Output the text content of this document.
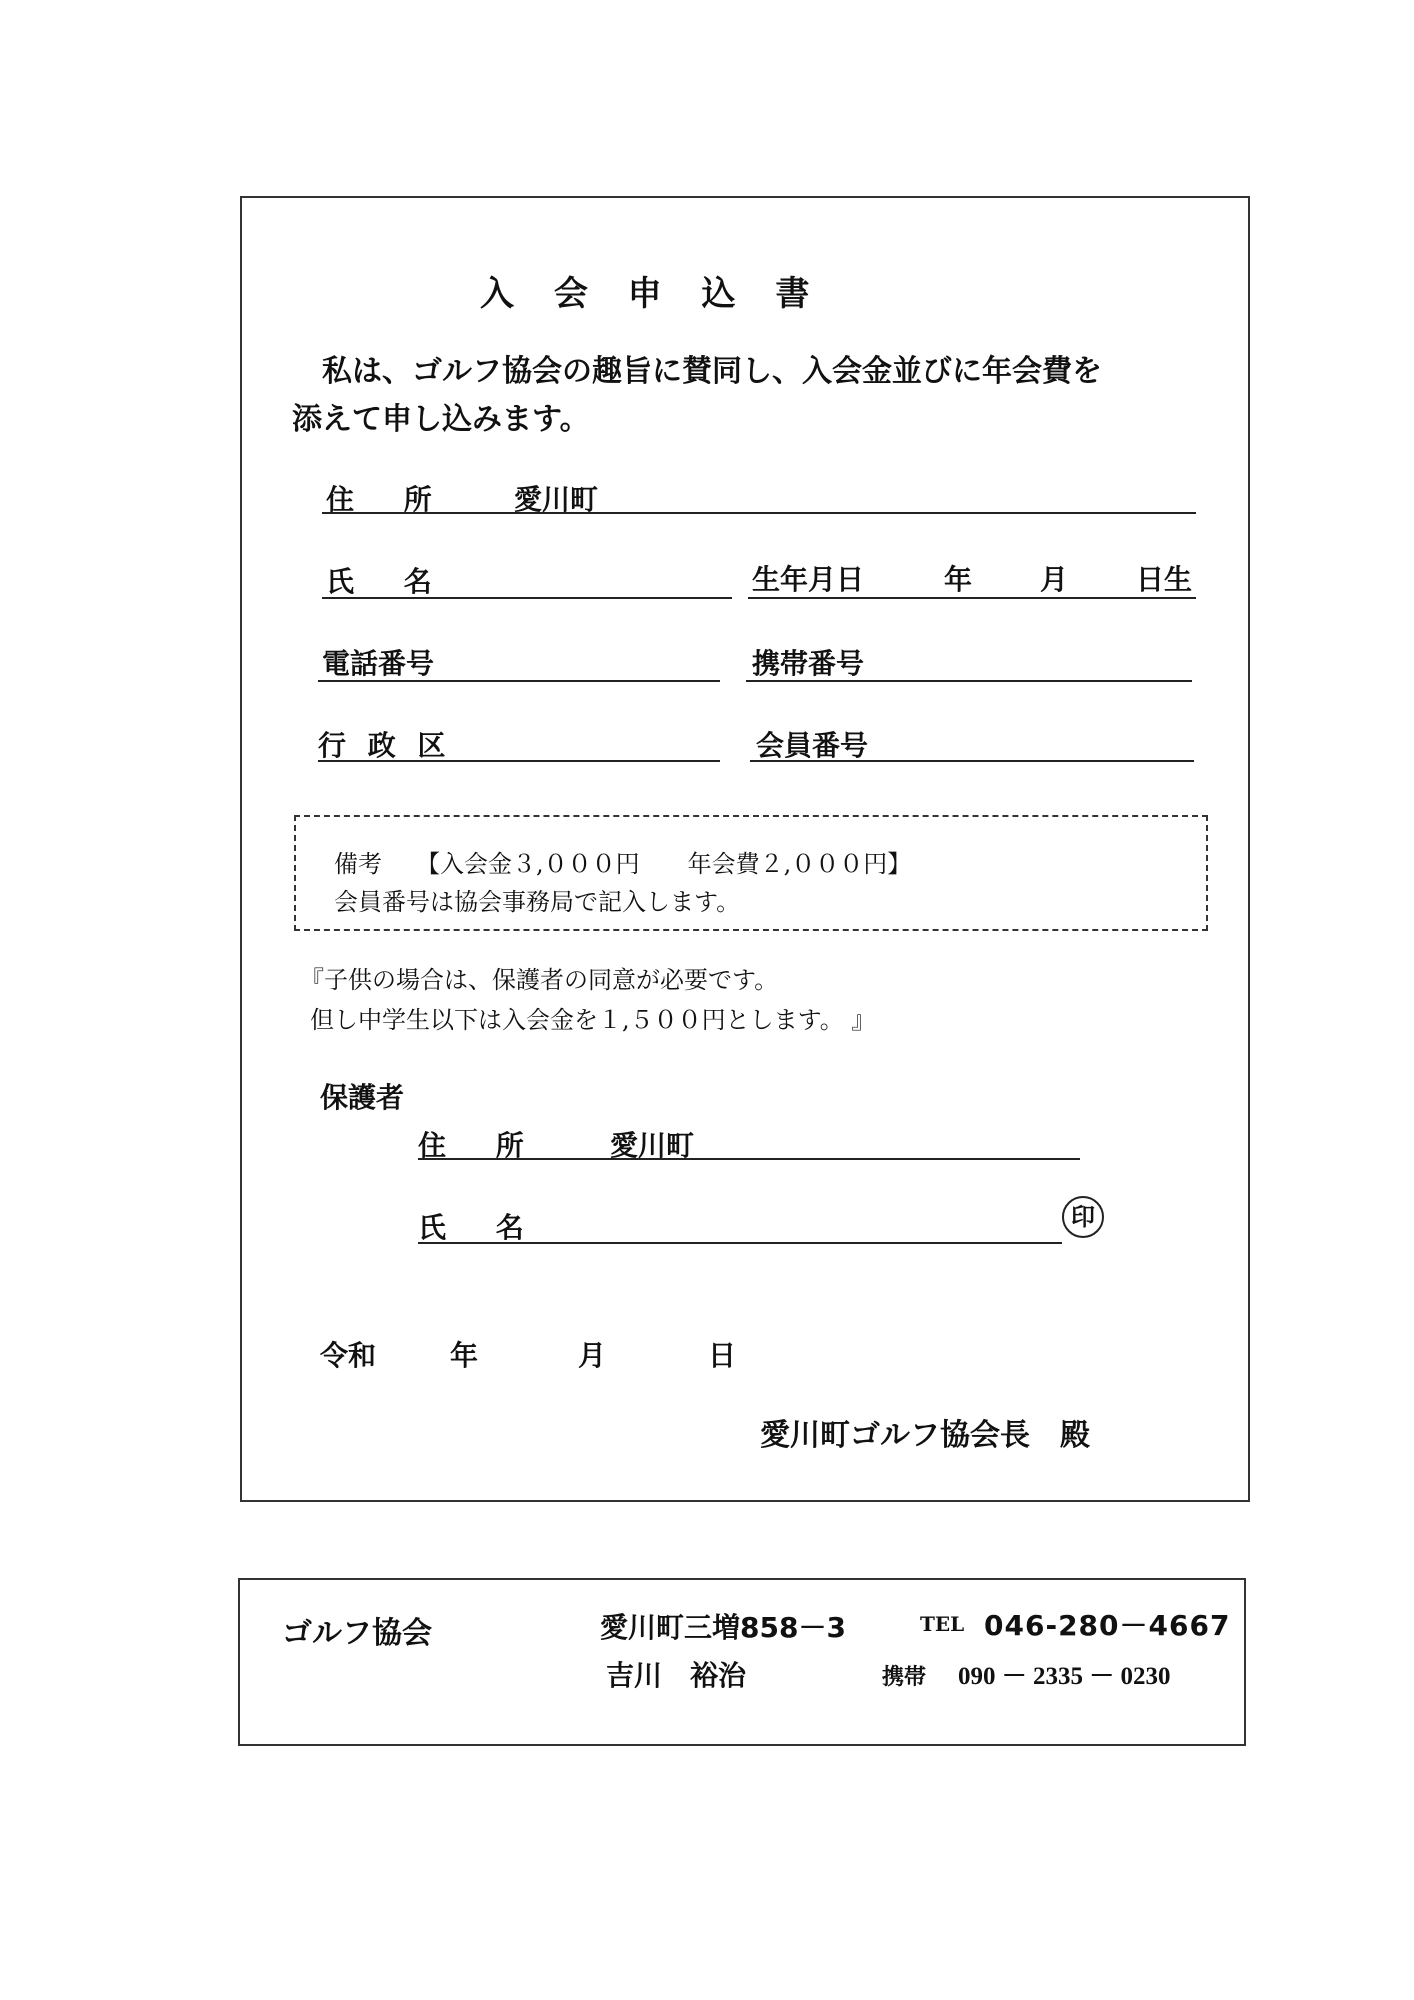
入 会 申 込 書
私は、ゴルフ協会の趣旨に賛同し、入会金並びに年会費を
添えて申し込みます。
住 所 愛川町
氏 名	生年月日	年 月 日生
電話番号	携帯番号
行 政 区	会員番号
備考 【入会金３,０００円　　年会費２,０００円】
会員番号は協会事務局で記入します。
『子供の場合は、保護者の同意が必要です。
但し中学生以下は入会金を１,５００円とします。 』
保護者
住 所 愛川町
氏 名	印
令和	年	月	日
愛川町ゴルフ協会長　殿
ゴルフ協会	愛川町三増858－3	TEL 046-280－4667
吉川　裕治	携帯 090 － 2335 － 0230
